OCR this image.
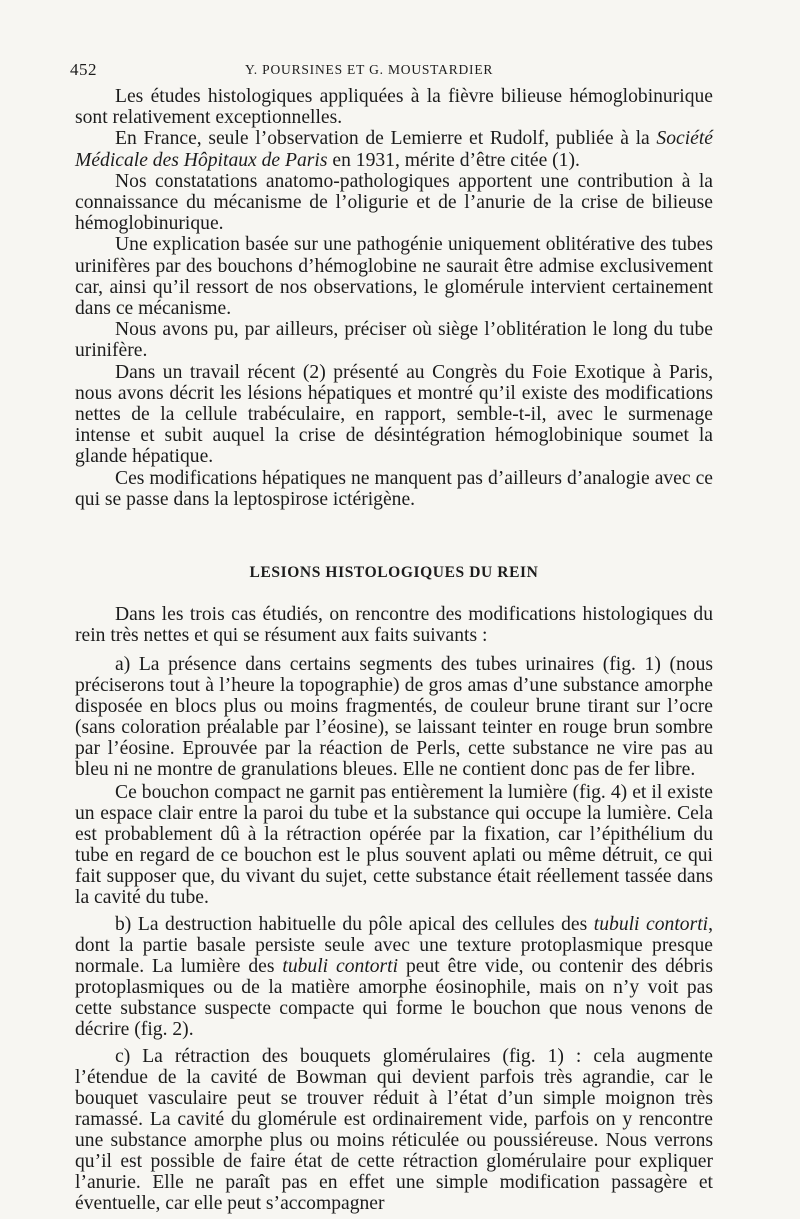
452	Y. POURSINES ET G. MOUSTARDIER

Les études histologiques appliquées à la fièvre bilieuse hémoglobinurique sont relativement exceptionnelles.

En France, seule l’observation de Lemierre et Rudolf, publiée à la Société Médicale des Hôpitaux de Paris en 1931, mérite d’être citée (1).

Nos constatations anatomo-pathologiques apportent une contribution à la connaissance du mécanisme de l’oligurie et de l’anurie de la crise de bilieuse hémoglobinurique.

Une explication basée sur une pathogénie uniquement oblitérative des tubes urinifères par des bouchons d’hémoglobine ne saurait être admise exclusivement car, ainsi qu’il ressort de nos observations, le glomérule intervient certainement dans ce mécanisme.

Nous avons pu, par ailleurs, préciser où siège l’oblitération le long du tube urinifère.

Dans un travail récent (2) présenté au Congrès du Foie Exotique à Paris, nous avons décrit les lésions hépatiques et montré qu’il existe des modifications nettes de la cellule trabéculaire, en rapport, semble-t-il, avec le surmenage intense et subit auquel la crise de désintégration hémoglobinique soumet la glande hépatique.

Ces modifications hépatiques ne manquent pas d’ailleurs d’analogie avec ce qui se passe dans la leptospirose ictérigène.

LESIONS HISTOLOGIQUES DU REIN

Dans les trois cas étudiés, on rencontre des modifications histologiques du rein très nettes et qui se résument aux faits suivants :

a) La présence dans certains segments des tubes urinaires (fig. 1) (nous préciserons tout à l’heure la topographie) de gros amas d’une substance amorphe disposée en blocs plus ou moins fragmentés, de couleur brune tirant sur l’ocre (sans coloration préalable par l’éosine), se laissant teinter en rouge brun sombre par l’éosine. Eprouvée par la réaction de Perls, cette substance ne vire pas au bleu ni ne montre de granulations bleues. Elle ne contient donc pas de fer libre.

Ce bouchon compact ne garnit pas entièrement la lumière (fig. 4) et il existe un espace clair entre la paroi du tube et la substance qui occupe la lumière. Cela est probablement dû à la rétraction opérée par la fixation, car l’épithélium du tube en regard de ce bouchon est le plus souvent aplati ou même détruit, ce qui fait supposer que, du vivant du sujet, cette substance était réellement tassée dans la cavité du tube.

b) La destruction habituelle du pôle apical des cellules des tubuli contorti, dont la partie basale persiste seule avec une texture protoplasmique presque normale. La lumière des tubuli contorti peut être vide, ou contenir des débris protoplasmiques ou de la matière amorphe éosinophile, mais on n’y voit pas cette substance suspecte compacte qui forme le bouchon que nous venons de décrire (fig. 2).

c) La rétraction des bouquets glomérulaires (fig. 1) : cela augmente l’étendue de la cavité de Bowman qui devient parfois très agrandie, car le bouquet vasculaire peut se trouver réduit à l’état d’un simple moignon très ramassé. La cavité du glomérule est ordinairement vide, parfois on y rencontre une substance amorphe plus ou moins réticulée ou poussiéreuse. Nous verrons qu’il est possible de faire état de cette rétraction glomérulaire pour expliquer l’anurie. Elle ne paraît pas en effet une simple modification passagère et éventuelle, car elle peut s’accompagner
